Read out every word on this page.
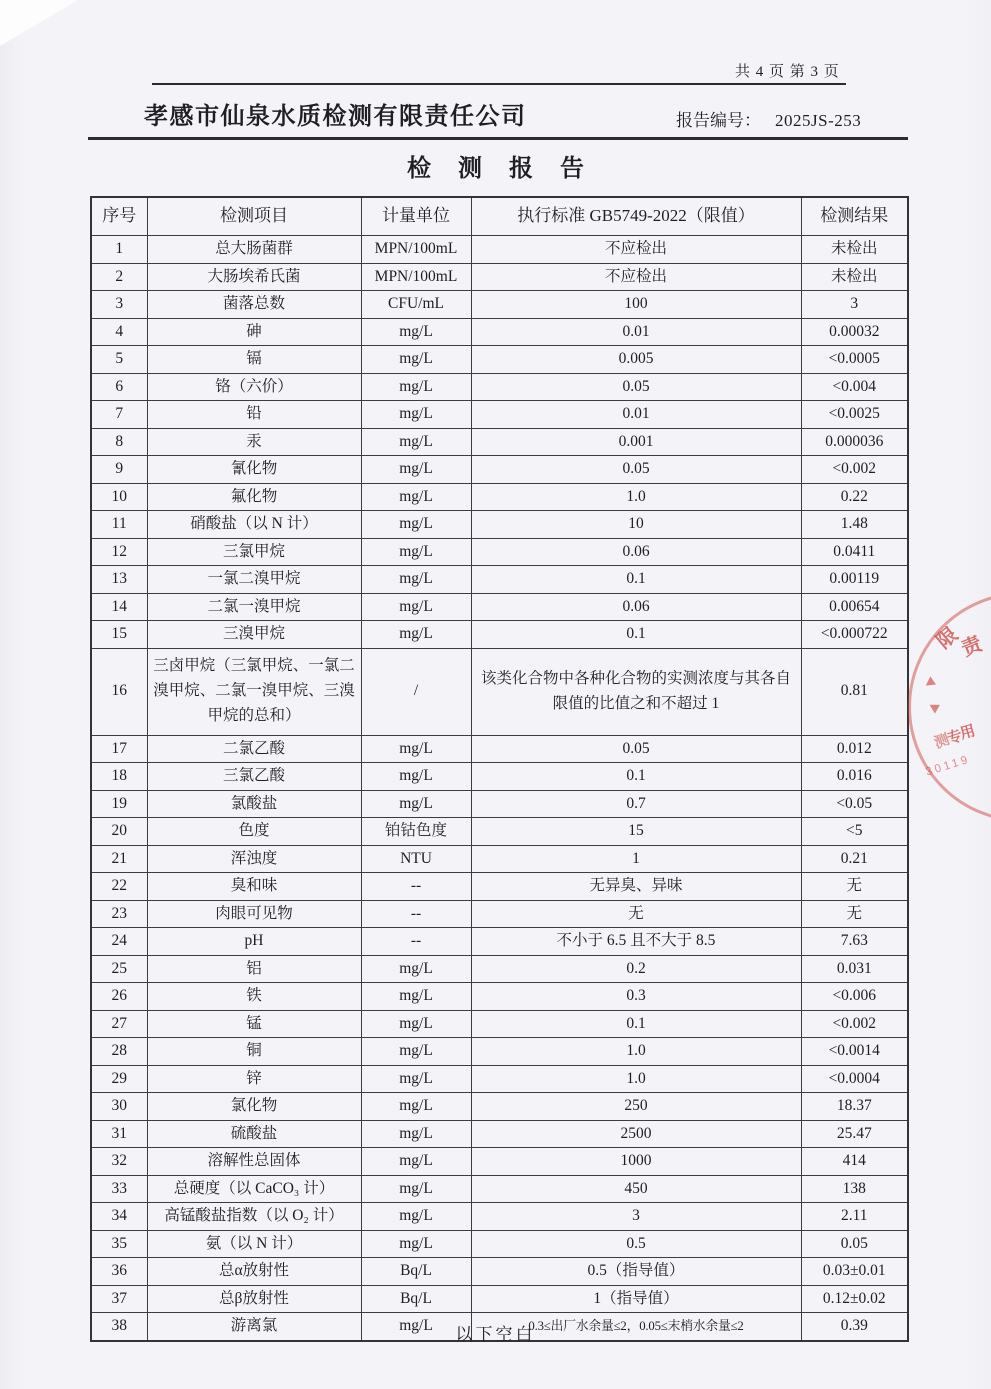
共 4 页 第 3 页
孝感市仙泉水质检测有限责任公司	报告编号： 2025JS-253
检测报告
序号	检测项目	计量单位	执行标准 GB5749-2022（限值）	检测结果
1	总大肠菌群	MPN/100mL	不应检出	未检出
2	大肠埃希氏菌	MPN/100mL	不应检出	未检出
3	菌落总数	CFU/mL	100	3
4	砷	mg/L	0.01	0.00032
5	镉	mg/L	0.005	<0.0005
6	铬（六价）	mg/L	0.05	<0.004
7	铅	mg/L	0.01	<0.0025
8	汞	mg/L	0.001	0.000036
9	氰化物	mg/L	0.05	<0.002
10	氟化物	mg/L	1.0	0.22
11	硝酸盐（以 N 计）	mg/L	10	1.48
12	三氯甲烷	mg/L	0.06	0.0411
13	一氯二溴甲烷	mg/L	0.1	0.00119
14	二氯一溴甲烷	mg/L	0.06	0.00654
15	三溴甲烷	mg/L	0.1	<0.000722
16	三卤甲烷（三氯甲烷、一氯二溴甲烷、二氯一溴甲烷、三溴甲烷的总和）	/	该类化合物中各种化合物的实测浓度与其各自限值的比值之和不超过 1	0.81
17	二氯乙酸	mg/L	0.05	0.012
18	三氯乙酸	mg/L	0.1	0.016
19	氯酸盐	mg/L	0.7	<0.05
20	色度	铂钴色度	15	<5
21	浑浊度	NTU	1	0.21
22	臭和味	--	无异臭、异味	无
23	肉眼可见物	--	无	无
24	pH	--	不小于 6.5 且不大于 8.5	7.63
25	铝	mg/L	0.2	0.031
26	铁	mg/L	0.3	<0.006
27	锰	mg/L	0.1	<0.002
28	铜	mg/L	1.0	<0.0014
29	锌	mg/L	1.0	<0.0004
30	氯化物	mg/L	250	18.37
31	硫酸盐	mg/L	2500	25.47
32	溶解性总固体	mg/L	1000	414
33	总硬度（以 CaCO₃ 计）	mg/L	450	138
34	高锰酸盐指数（以 O₂ 计）	mg/L	3	2.11
35	氨（以 N 计）	mg/L	0.5	0.05
36	总α放射性	Bq/L	0.5（指导值）	0.03±0.01
37	总β放射性	Bq/L	1（指导值）	0.12±0.02
38	游离氯	mg/L	0.3≤出厂水余量≤2，0.05≤末梢水余量≤2	0.39
以下空白
限
责
测
专
用
30119
